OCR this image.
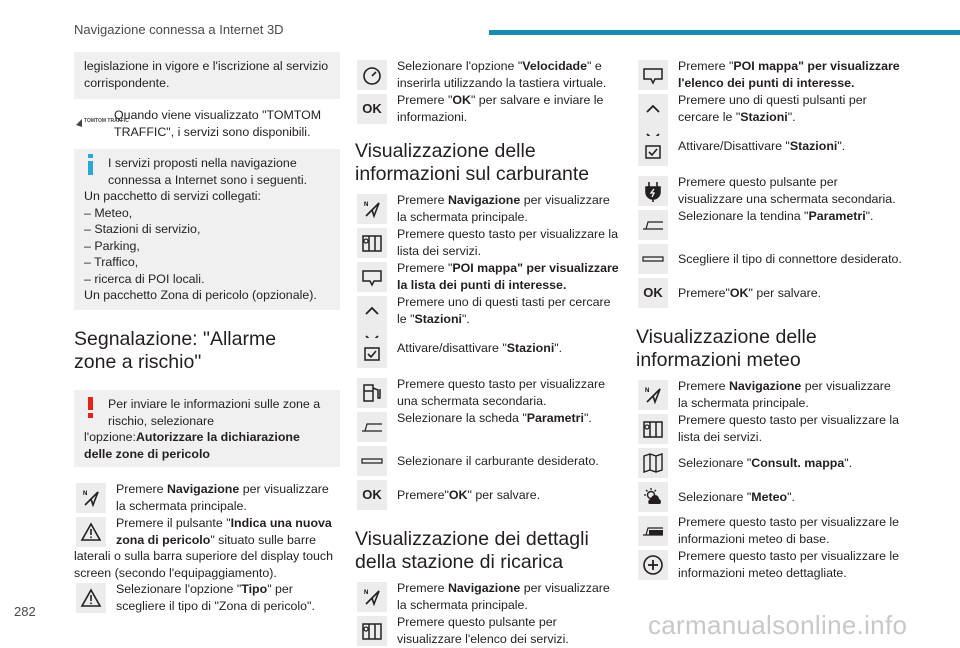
Navigazione connessa a Internet 3D
legislazione in vigore e l'iscrizione al servizio corrispondente.
TOMTOM TRAFFIC
Quando viene visualizzato "TOMTOM TRAFFIC", i servizi sono disponibili.

I servizi proposti nella navigazione connessa a Internet sono i seguenti.

Un pacchetto di servizi collegati:
– Meteo,
– Stazioni di servizio,
– Parking,
– Traffico,
– ricerca di POI locali.
Un pacchetto Zona di pericolo (opzionale).
Segnalazione: "Allarme zone a rischio"

Per inviare le informazioni sulle zone a rischio, selezionare

l'opzione:Autorizzare la dichiarazione delle zone di pericolo
N Premere Navigazione per visualizzare la schermata principale.
Premere il pulsante "Indica una nuova zona di pericolo" situato sulle barre
laterali o sulla barra superiore del display touch screen (secondo l'equipaggiamento).
Selezionare l'opzione "Tipo" per scegliere il tipo di "Zona di pericolo".
Selezionare l'opzione "Velocidade" e inserirla utilizzando la tastiera virtuale.
OK
Premere "OK" per salvare e inviare le informazioni.
Visualizzazione delle informazioni sul carburante
N Premere Navigazione per visualizzare la schermata principale.
Premere questo tasto per visualizzare la lista dei servizi.
Premere "POI mappa" per visualizzare la lista dei punti di interesse.
Premere uno di questi tasti per cercare le "Stazioni".
Attivare/disattivare "Stazioni".
Premere questo tasto per visualizzare una schermata secondaria.
Selezionare la scheda "Parametri".
Selezionare il carburante desiderato.
OK Premere"OK" per salvare.
Visualizzazione dei dettagli della stazione di ricarica
N Premere Navigazione per visualizzare la schermata principale.
Premere questo pulsante per visualizzare l'elenco dei servizi.
Premere "POI mappa" per visualizzare l'elenco dei punti di interesse.
Premere uno di questi pulsanti per cercare le "Stazioni".
Attivare/Disattivare "Stazioni".
Premere questo pulsante per visualizzare una schermata secondaria.
Selezionare la tendina "Parametri".
Scegliere il tipo di connettore desiderato.
OK Premere"OK" per salvare.
Visualizzazione delle informazioni meteo
N Premere Navigazione per visualizzare la schermata principale.
Premere questo tasto per visualizzare la lista dei servizi.
Selezionare "Consult. mappa".
Selezionare "Meteo".
Premere questo tasto per visualizzare le informazioni meteo di base.
Premere questo tasto per visualizzare le informazioni meteo dettagliate.
282	carmanualsonline.info
